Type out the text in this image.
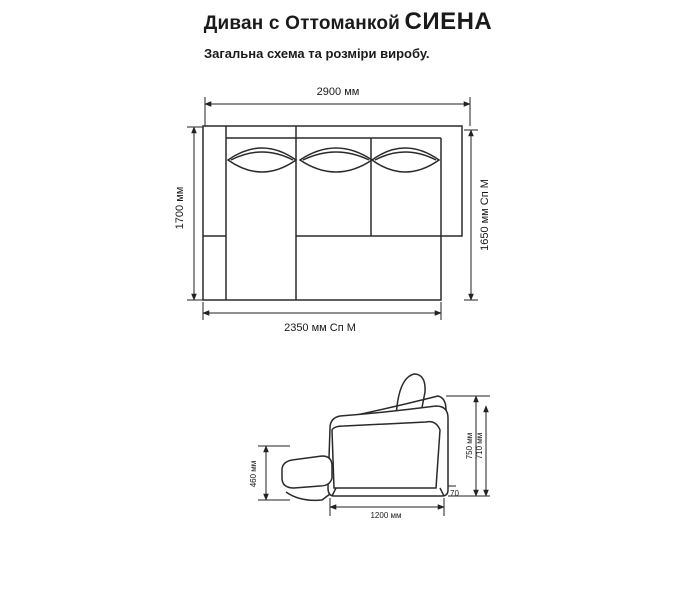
Диван с Оттоманкой СИЕНА
Загальна схема та розміри виробу.
2900 мм
1700 мм	1650 мм Сп М
2350 мм Сп М
460 мм
750 мм 710 мм
70
1200 мм
